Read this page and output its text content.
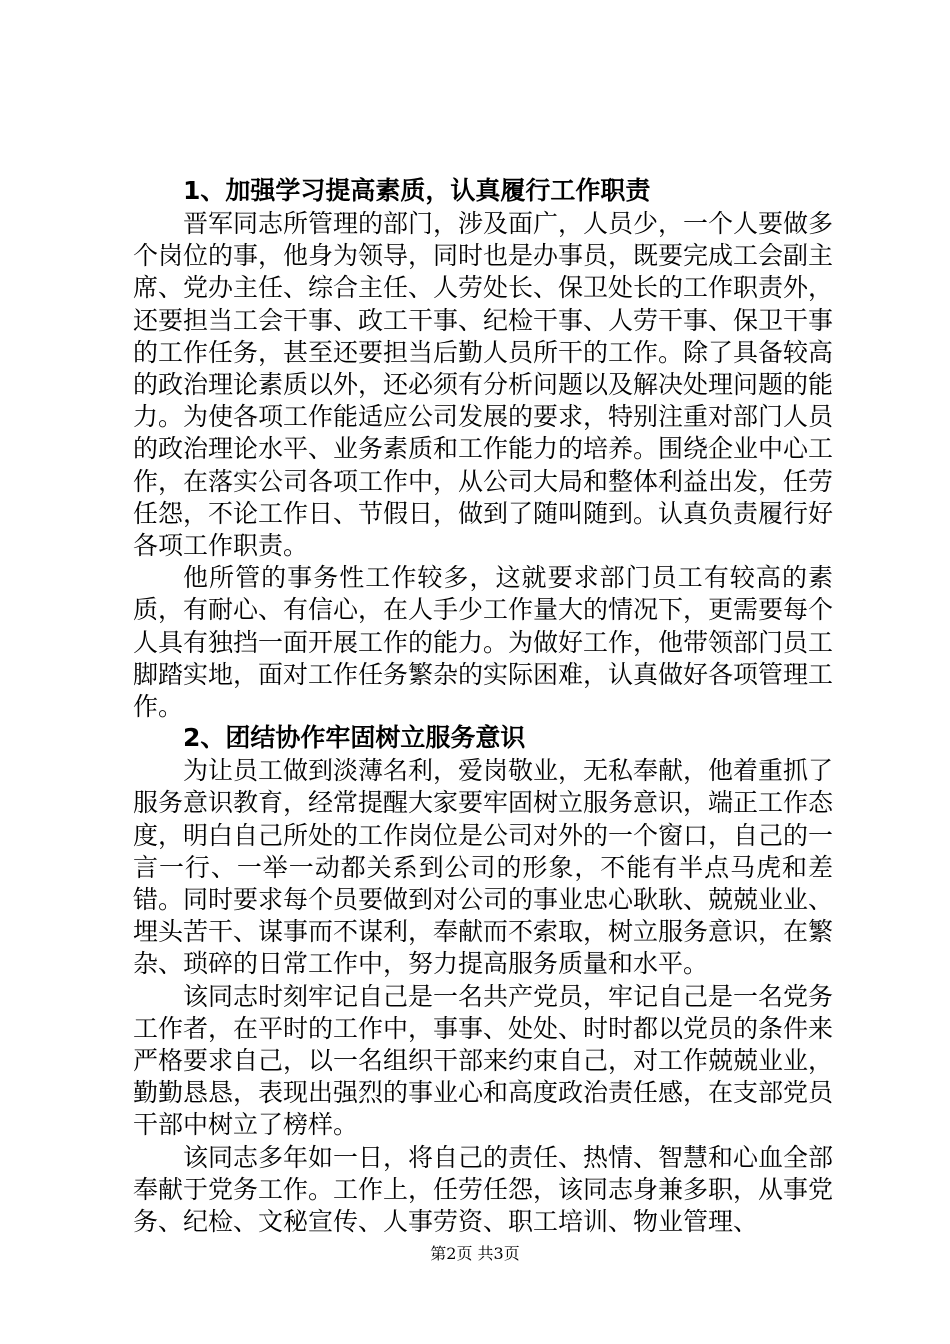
1、加强学习提高素质，认真履行工作职责

晋军同志所管理的部门，涉及面广，人员少，一个人要做多个岗位的事，他身为领导，同时也是办事员，既要完成工会副主席、党办主任、综合主任、人劳处长、保卫处长的工作职责外，还要担当工会干事、政工干事、纪检干事、人劳干事、保卫干事的工作任务，甚至还要担当后勤人员所干的工作。除了具备较高的政治理论素质以外，还必须有分析问题以及解决处理问题的能力。为使各项工作能适应公司发展的要求，特别注重对部门人员的政治理论水平、业务素质和工作能力的培养。围绕企业中心工作，在落实公司各项工作中，从公司大局和整体利益出发，任劳任怨，不论工作日、节假日，做到了随叫随到。认真负责履行好各项工作职责。

他所管的事务性工作较多，这就要求部门员工有较高的素质，有耐心、有信心，在人手少工作量大的情况下，更需要每个人具有独挡一面开展工作的能力。为做好工作，他带领部门员工脚踏实地，面对工作任务繁杂的实际困难，认真做好各项管理工作。

2、团结协作牢固树立服务意识

为让员工做到淡薄名利，爱岗敬业，无私奉献，他着重抓了服务意识教育，经常提醒大家要牢固树立服务意识，端正工作态度，明白自己所处的工作岗位是公司对外的一个窗口，自己的一言一行、一举一动都关系到公司的形象，不能有半点马虎和差错。同时要求每个员要做到对公司的事业忠心耿耿、兢兢业业、埋头苦干、谋事而不谋利，奉献而不索取，树立服务意识，在繁杂、琐碎的日常工作中，努力提高服务质量和水平。

该同志时刻牢记自己是一名共产党员，牢记自己是一名党务工作者，在平时的工作中，事事、处处、时时都以党员的条件来严格要求自己，以一名组织干部来约束自己，对工作兢兢业业，勤勤恳恳，表现出强烈的事业心和高度政治责任感，在支部党员干部中树立了榜样。

该同志多年如一日，将自己的责任、热情、智慧和心血全部奉献于党务工作。工作上，任劳任怨，该同志身兼多职，从事党务、纪检、文秘宣传、人事劳资、职工培训、物业管理、

第2页 共3页
